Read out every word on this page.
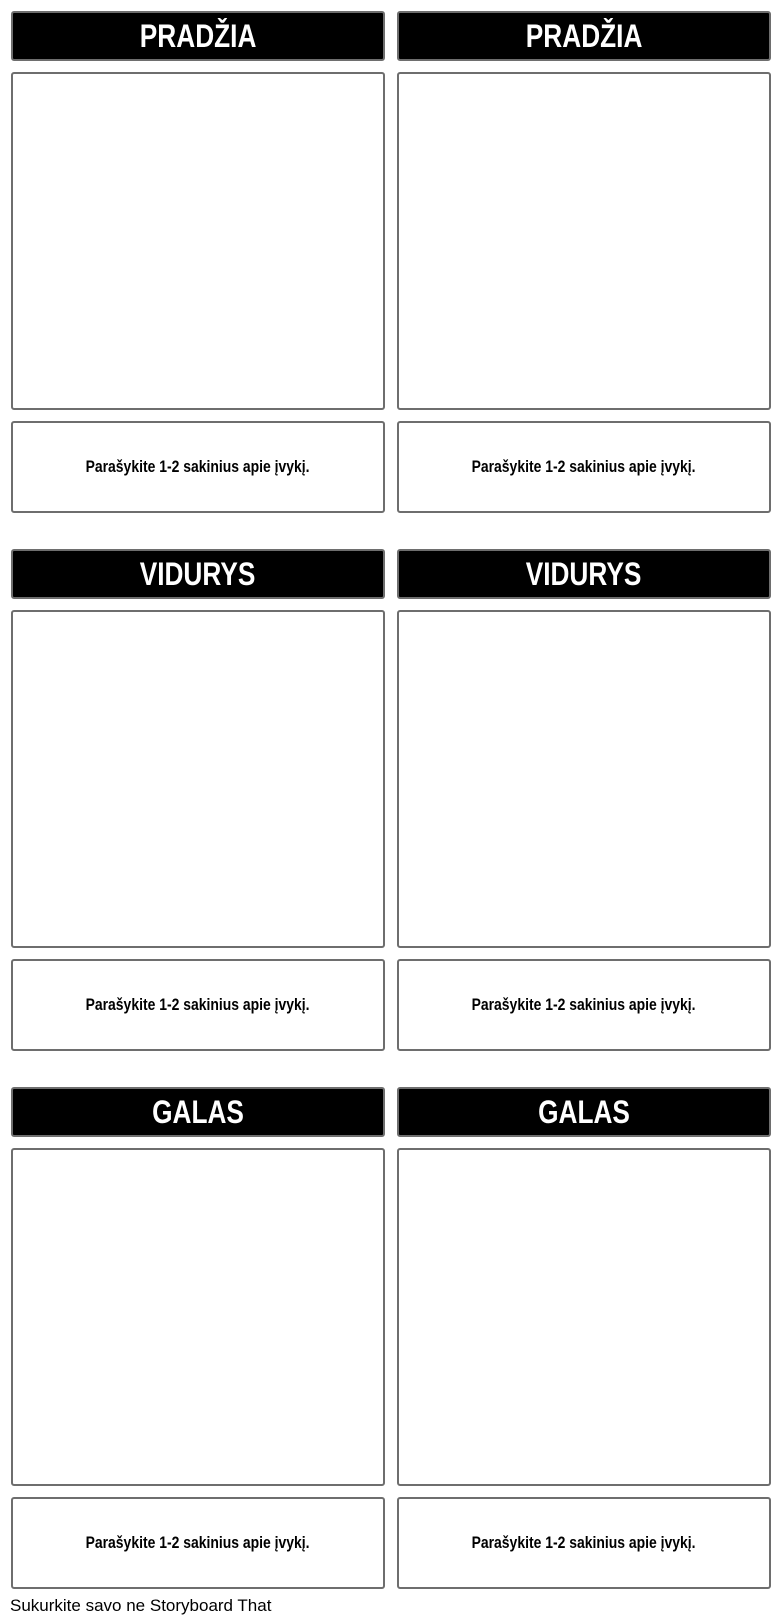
PRADŽIA
Parašykite 1-2 sakinius apie įvykį.
PRADŽIA
Parašykite 1-2 sakinius apie įvykį.
VIDURYS
Parašykite 1-2 sakinius apie įvykį.
VIDURYS
Parašykite 1-2 sakinius apie įvykį.
GALAS
Parašykite 1-2 sakinius apie įvykį.
GALAS
Parašykite 1-2 sakinius apie įvykį.
Sukurkite savo ne Storyboard That
